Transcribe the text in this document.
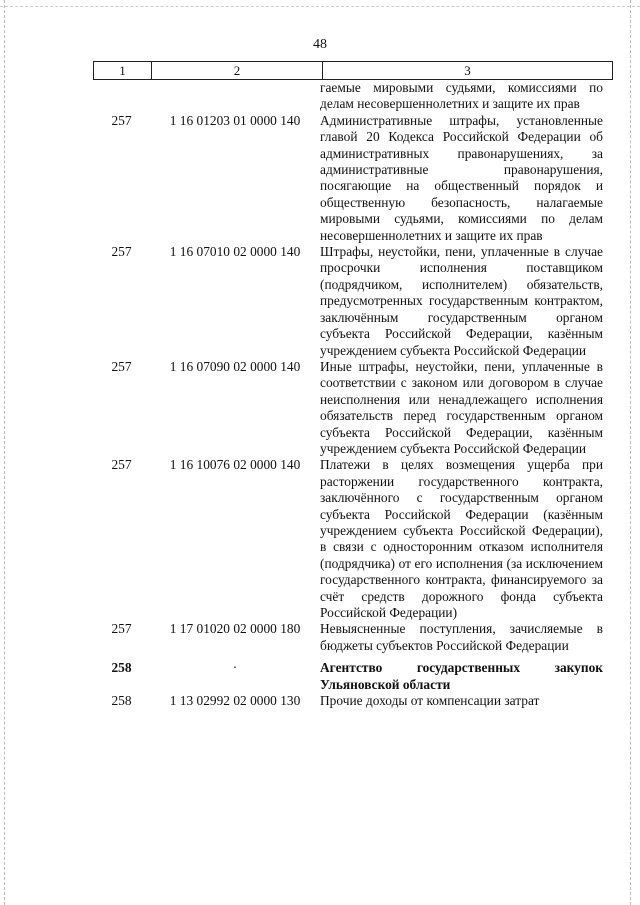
48
1	2	3
гаемые мировыми судьями, комиссиями по делам несовершеннолетних и защите их прав
257	1 16 01203 01 0000 140	Административные штрафы, установленные главой 20 Кодекса Российской Федерации об административных правонарушениях, за административные правонарушения, посягающие на общественный порядок и общественную безопасность, налагаемые мировыми судьями, комиссиями по делам несовершеннолетних и защите их прав
257	1 16 07010 02 0000 140	Штрафы, неустойки, пени, уплаченные в случае просрочки исполнения поставщиком (подрядчиком, исполнителем) обязательств, предусмотренных государственным контрактом, заключённым государственным органом субъекта Российской Федерации, казённым учреждением субъекта Российской Федерации
257	1 16 07090 02 0000 140	Иные штрафы, неустойки, пени, уплаченные в соответствии с законом или договором в случае неисполнения или ненадлежащего исполнения обязательств перед государственным органом субъекта Российской Федерации, казённым учреждением субъекта Российской Федерации
257	1 16 10076 02 0000 140	Платежи в целях возмещения ущерба при расторжении государственного контракта, заключённого с государственным органом субъекта Российской Федерации (казённым учреждением субъекта Российской Федерации), в связи с односторонним отказом исполнителя (подрядчика) от его исполнения (за исключением государственного контракта, финансируемого за счёт средств дорожного фонда субъекта Российской Федерации)
257	1 17 01020 02 0000 180	Невыясненные поступления, зачисляемые в бюджеты субъектов Российской Федерации
258	·	Агентство государственных закупок Ульяновской области
258	1 13 02992 02 0000 130	Прочие доходы от компенсации затрат
